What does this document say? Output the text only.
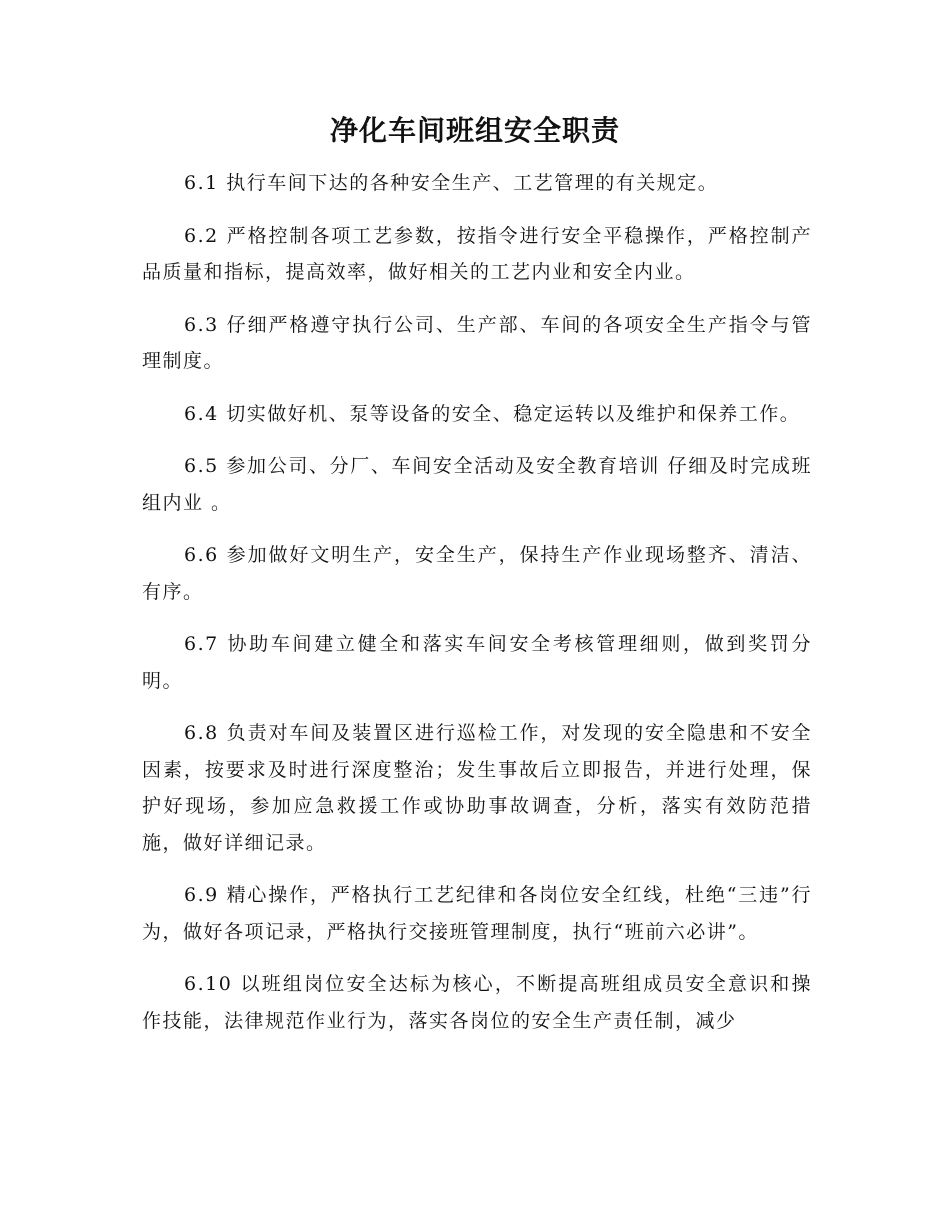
净化车间班组安全职责

6.1 执行车间下达的各种安全生产、工艺管理的有关规定。

6.2 严格控制各项工艺参数，按指令进行安全平稳操作，严格控制产品质量和指标，提高效率，做好相关的工艺内业和安全内业。

6.3 仔细严格遵守执行公司、生产部、车间的各项安全生产指令与管理制度。

6.4 切实做好机、泵等设备的安全、稳定运转以及维护和保养工作。

6.5 参加公司、分厂、车间安全活动及安全教育培训 仔细及时完成班组内业 。

6.6 参加做好文明生产，安全生产，保持生产作业现场整齐、清洁、有序。

6.7 协助车间建立健全和落实车间安全考核管理细则，做到奖罚分明。

6.8 负责对车间及装置区进行巡检工作，对发现的安全隐患和不安全因素，按要求及时进行深度整治；发生事故后立即报告，并进行处理，保护好现场，参加应急救援工作或协助事故调查，分析，落实有效防范措施，做好详细记录。

6.9 精心操作，严格执行工艺纪律和各岗位安全红线，杜绝“三违”行为，做好各项记录，严格执行交接班管理制度，执行“班前六必讲”。

6.10 以班组岗位安全达标为核心，不断提高班组成员安全意识和操作技能，法律规范作业行为，落实各岗位的安全生产责任制，减少
